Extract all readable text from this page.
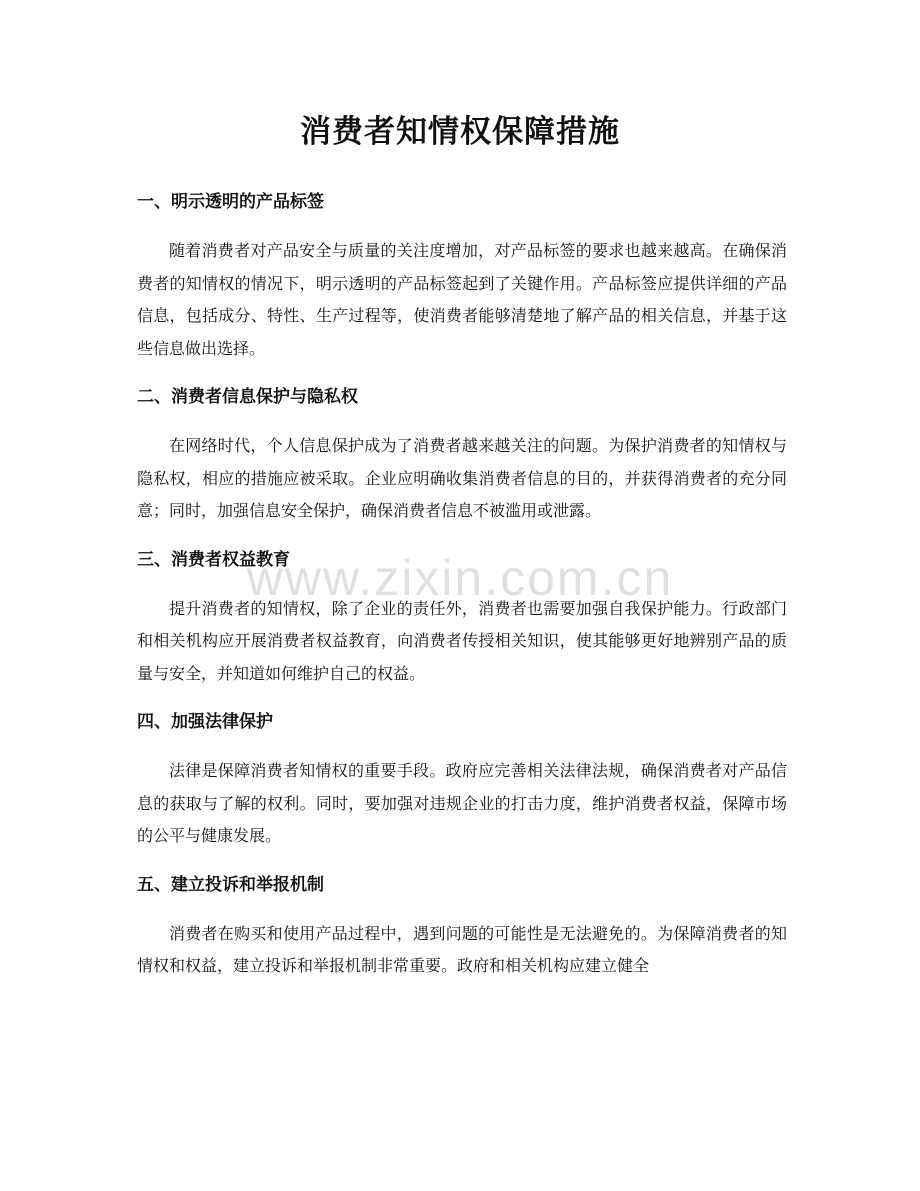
消费者知情权保障措施
一、明示透明的产品标签

随着消费者对产品安全与质量的关注度增加，对产品标签的要求也越来越高。在确保消费者的知情权的情况下，明示透明的产品标签起到了关键作用。产品标签应提供详细的产品信息，包括成分、特性、生产过程等，使消费者能够清楚地了解产品的相关信息，并基于这些信息做出选择。

二、消费者信息保护与隐私权

在网络时代，个人信息保护成为了消费者越来越关注的问题。为保护消费者的知情权与隐私权，相应的措施应被采取。企业应明确收集消费者信息的目的，并获得消费者的充分同意；同时，加强信息安全保护，确保消费者信息不被滥用或泄露。

三、消费者权益教育

提升消费者的知情权，除了企业的责任外，消费者也需要加强自我保护能力。行政部门和相关机构应开展消费者权益教育，向消费者传授相关知识，使其能够更好地辨别产品的质量与安全，并知道如何维护自己的权益。

四、加强法律保护

法律是保障消费者知情权的重要手段。政府应完善相关法律法规，确保消费者对产品信息的获取与了解的权利。同时，要加强对违规企业的打击力度，维护消费者权益，保障市场的公平与健康发展。

五、建立投诉和举报机制

消费者在购买和使用产品过程中，遇到问题的可能性是无法避免的。为保障消费者的知情权和权益，建立投诉和举报机制非常重要。政府和相关机构应建立健全

www.zixin.com.cn
